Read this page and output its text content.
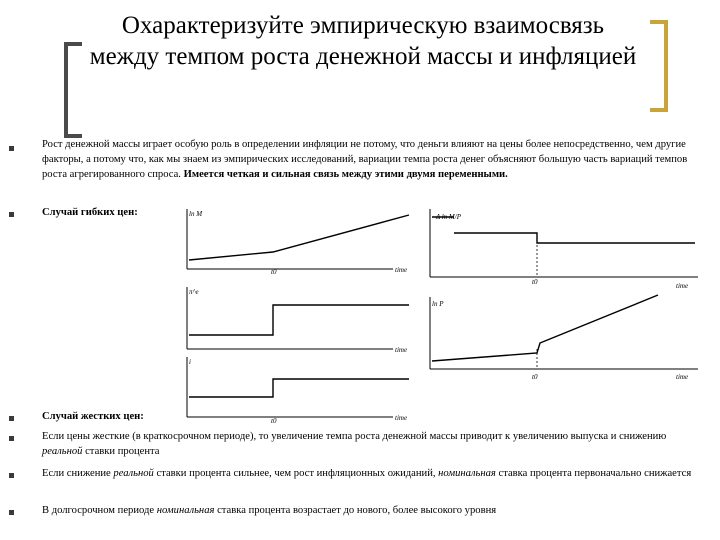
Охарактеризуйте эмпирическую взаимосвязь между темпом роста денежной массы и инфляцией

Рост денежной массы играет особую роль в определении инфляции не потому, что деньги влияют на цены более непосредственно, чем другие факторы, а потому что, как мы знаем из эмпирических исследований, вариации темпа роста денег объясняют большую часть вариаций темпов роста агрегированного спроса. Имеется четкая и сильная связь между этими двумя переменными.

Случай гибких цен:	ln M
time
t0
π^e
time
i
time
t0
Δ ln M/P
time
t0
ln P
time
t0

Случай жестких цен:

Если цены жесткие (в краткосрочном периоде), то увеличение темпа роста денежной массы приводит к увеличению выпуска и снижению реальной ставки процента

Если снижение реальной ставки процента сильнее, чем рост инфляционных ожиданий, номинальная ставка процента первоначально снижается

В долгосрочном периоде номинальная ставка процента возрастает до нового, более высокого уровня
